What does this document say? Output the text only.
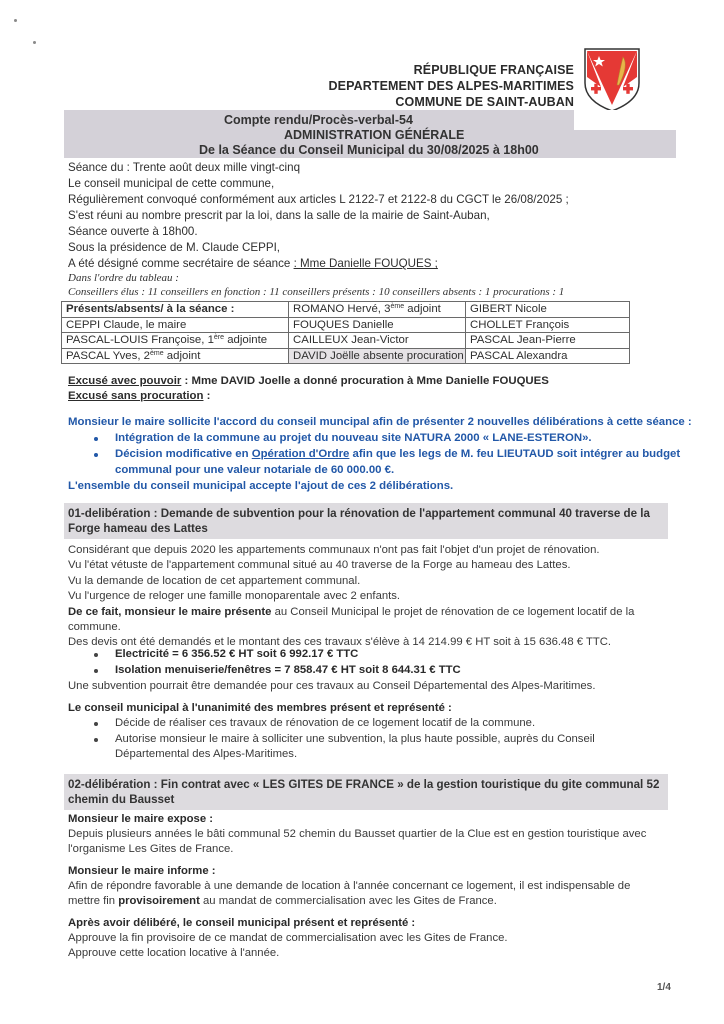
RÉPUBLIQUE FRANÇAISE
DEPARTEMENT DES ALPES-MARITIMES
COMMUNE DE SAINT-AUBAN
Compte rendu/Procès-verbal-54
ADMINISTRATION GÉNÉRALE
De la Séance du Conseil Municipal du 30/08/2025 à 18h00
Séance du : Trente août deux mille vingt-cinq
Le conseil municipal de cette commune,
Régulièrement convoqué conformément aux articles L 2122-7 et 2122-8 du CGCT le 26/08/2025 ;
S'est réuni au nombre prescrit par la loi, dans la salle de la mairie de Saint-Auban,
Séance ouverte à 18h00.
Sous la présidence de M. Claude CEPPI,
A été désigné comme secrétaire de séance : Mme Danielle FOUQUES ;
Dans l'ordre du tableau :
Conseillers élus : 11 conseillers en fonction : 11 conseillers présents : 10 conseillers absents : 1 procurations : 1
Présents/absents/ à la séance :	ROMANO Hervé, 3ème adjoint	GIBERT Nicole
CEPPI Claude, le maire	FOUQUES Danielle	CHOLLET François
PASCAL-LOUIS Françoise, 1ère adjointe	CAILLEUX Jean-Victor	PASCAL Jean-Pierre
PASCAL Yves, 2ème adjoint	DAVID Joëlle absente procuration	PASCAL Alexandra
Excusé avec pouvoir : Mme DAVID Joelle a donné procuration à Mme Danielle FOUQUES
Excusé sans procuration :
Monsieur le maire sollicite l'accord du conseil muncipal afin de présenter 2 nouvelles délibérations à cette séance :
Intégration de la commune au projet du nouveau site NATURA 2000 « LANE-ESTERON».
Décision modificative en Opération d'Ordre afin que les legs de M. feu LIEUTAUD soit intégrer au budget
communal pour une valeur notariale de 60 000.00 €.
L'ensemble du conseil municipal accepte l'ajout de ces 2 délibérations.
01-delibération : Demande de subvention pour la rénovation de l'appartement communal 40 traverse de la
Forge hameau des Lattes
Considérant que depuis 2020 les appartements communaux n'ont pas fait l'objet d'un projet de rénovation.
Vu l'état vétuste de l'appartement communal situé au 40 traverse de la Forge au hameau des Lattes.
Vu la demande de location de cet appartement communal.
Vu l'urgence de reloger une famille monoparentale avec 2 enfants.
De ce fait, monsieur le maire présente au Conseil Municipal le projet de rénovation de ce logement locatif de la
commune.
Des devis ont été demandés et le montant des ces travaux s'élève à 14 214.99 € HT soit à 15 636.48 € TTC.
Electricité = 6 356.52 € HT soit 6 992.17 € TTC
Isolation menuiserie/fenêtres = 7 858.47 € HT soit 8 644.31 € TTC
Une subvention pourrait être demandée pour ces travaux au Conseil Départemental des Alpes-Maritimes.
Le conseil municipal à l'unanimité des membres présent et représenté :
Décide de réaliser ces travaux de rénovation de ce logement locatif de la commune.
Autorise monsieur le maire à solliciter une subvention, la plus haute possible, auprès du Conseil
Départemental des Alpes-Maritimes.
02-délibération : Fin contrat avec « LES GITES DE FRANCE » de la gestion touristique du gite communal 52
chemin du Bausset
Monsieur le maire expose :
Depuis plusieurs années le bâti communal 52 chemin du Bausset quartier de la Clue est en gestion touristique avec
l'organisme Les Gites de France.
Monsieur le maire informe :
Afin de répondre favorable à une demande de location à l'année concernant ce logement, il est indispensable de
mettre fin provisoirement au mandat de commercialisation avec les Gites de France.
Après avoir délibéré, le conseil municipal présent et représenté :
Approuve la fin provisoire de ce mandat de commercialisation avec les Gites de France.
Approuve cette location locative à l'année.
1/4
